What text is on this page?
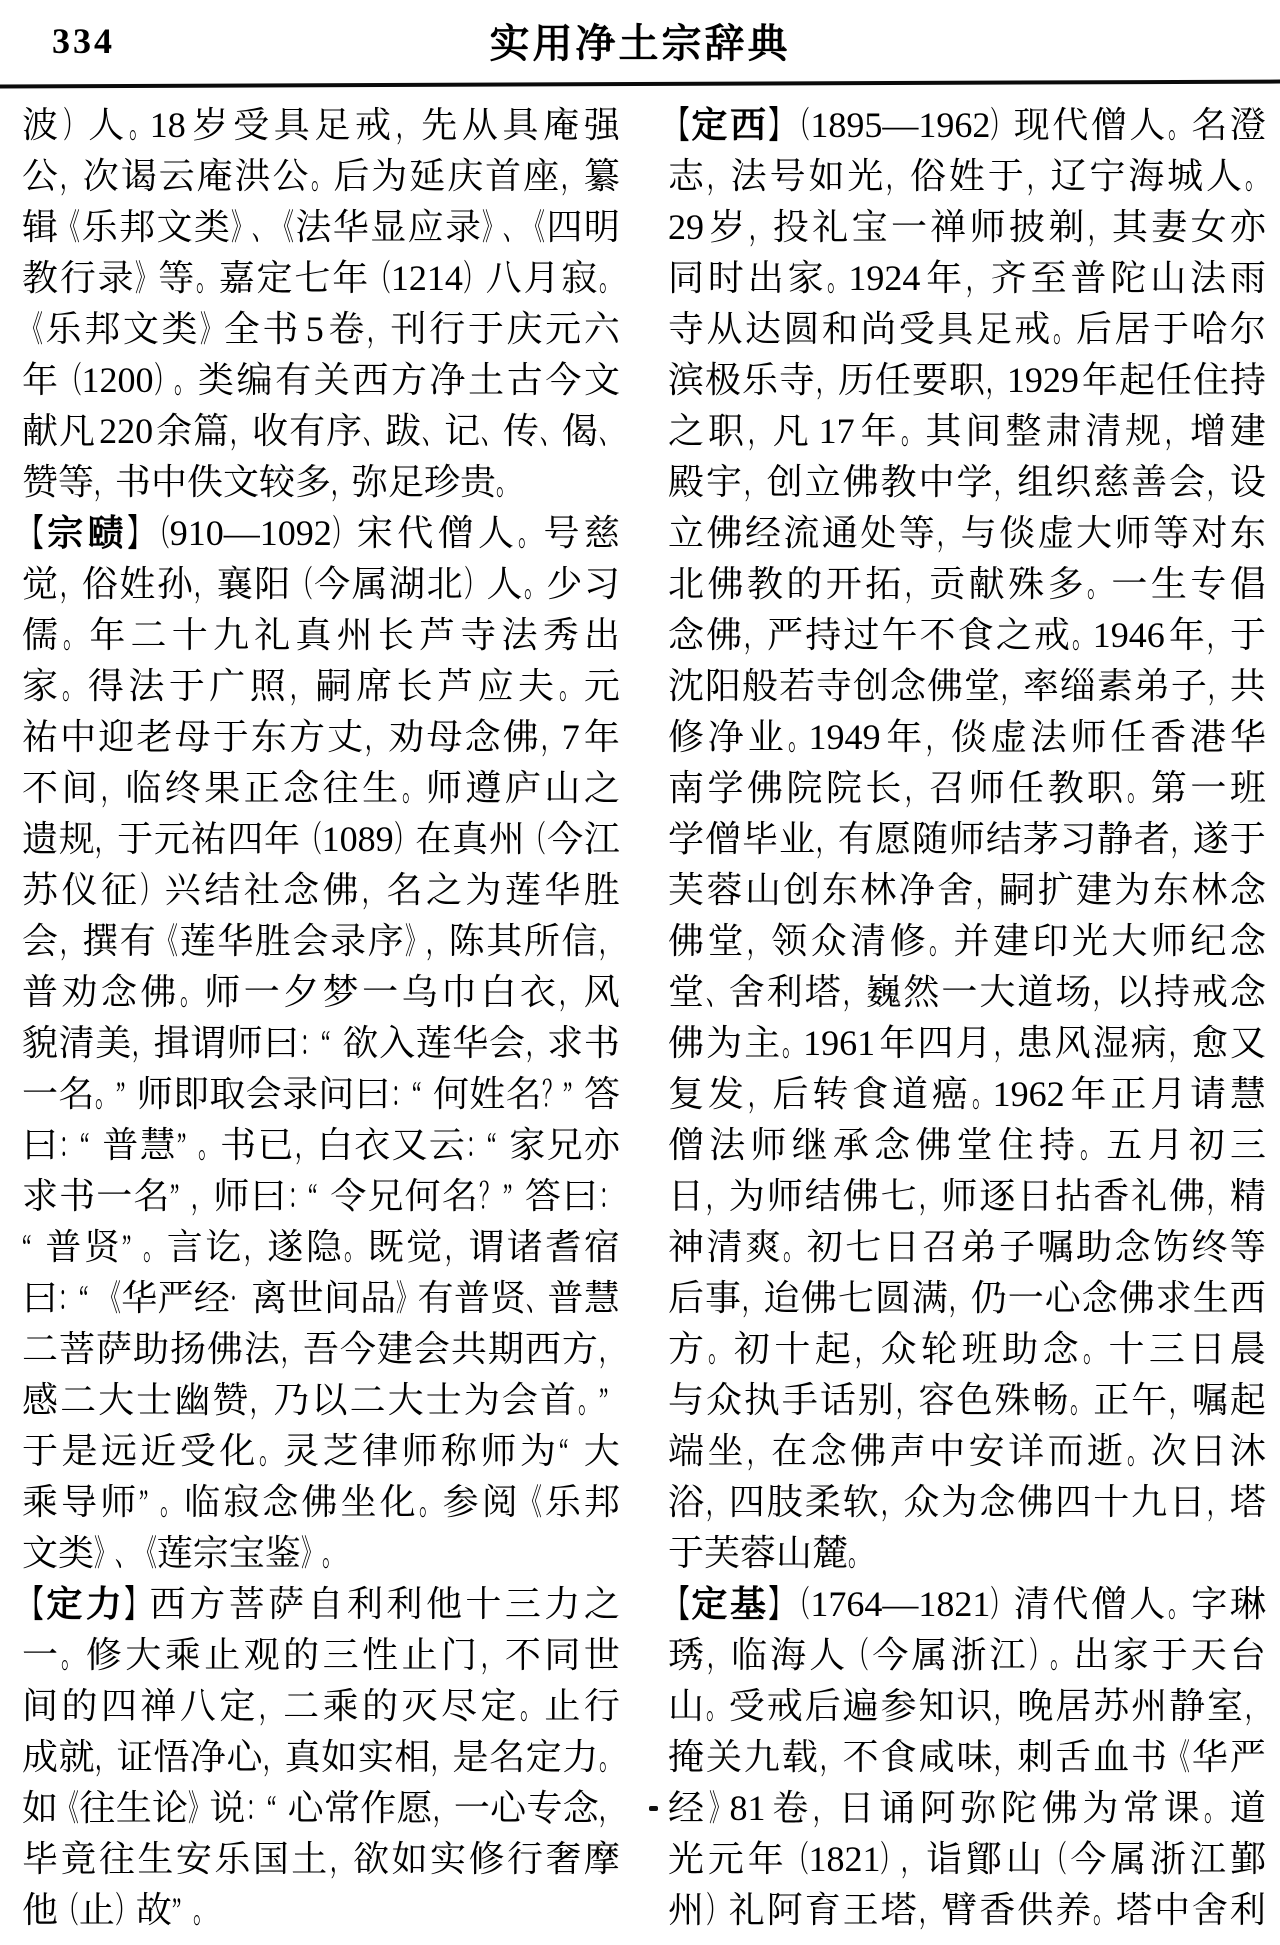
334	实用净土宗辞典
波）人。18 岁受具足戒，先从具庵强
公，次谒云庵洪公。后为延庆首座，纂
辑《乐邦文类》、《法华显应录》、《四明
教行录》等。嘉定七年（1214）八月寂。
《乐邦文类》全书 5 卷，刊行于庆元六
年（1200）。类编有关西方净土古今文
献凡 220 余篇，收有序、跋、记、传、偈、
赞等，书中佚文较多，弥足珍贵。
【宗赜】（910—1092）宋代僧人。号慈
觉，俗姓孙，襄阳（今属湖北）人。少习
儒。年二十九礼真州长芦寺法秀出
家。得法于广照，嗣席长芦应夫。元
祐中迎老母于东方丈，劝母念佛，7 年
不间，临终果正念往生。师遵庐山之
遗规，于元祐四年（1089）在真州（今江
苏仪征）兴结社念佛，名之为莲华胜
会，撰有《莲华胜会录序》，陈其所信，
普劝念佛。师一夕梦一乌巾白衣，风
貌清美，揖谓师曰：“ 欲入莲华会，求书
一名。” 师即取会录问曰：“ 何姓名？” 答
曰：“ 普慧” 。书已，白衣又云：“ 家兄亦
求书一名” ，师曰：“ 令兄何名？ ” 答曰：
“ 普贤” 。言讫，遂隐。既觉，谓诸耆宿
曰：“ 《华严经· 离世间品》有普贤、普慧
二菩萨助扬佛法，吾今建会共期西方，
感二大士幽赞，乃以二大士为会首。”
于是远近受化。灵芝律师称师为“ 大
乘导师” 。临寂念佛坐化。参阅《乐邦
文类》、《莲宗宝鉴》。
【定力】西方菩萨自利利他十三力之
一。修大乘止观的三性止门，不同世
间的四禅八定，二乘的灭尽定。止行
成就，证悟净心，真如实相，是名定力。
如《往生论》说：“ 心常作愿，一心专念，
毕竟往生安乐国土，欲如实修行奢摩
他（止）故” 。
【定西】（1895—1962）现代僧人。名澄
志，法号如光，俗姓于，辽宁海城人。
29 岁，投礼宝一禅师披剃，其妻女亦
同时出家。1924 年，齐至普陀山法雨
寺从达圆和尚受具足戒。后居于哈尔
滨极乐寺，历任要职，1929 年起任住持
之职，凡 17 年。其间整肃清规，增建
殿宇，创立佛教中学，组织慈善会，设
立佛经流通处等，与倓虚大师等对东
北佛教的开拓，贡献殊多。一生专倡
念佛，严持过午不食之戒。1946 年，于
沈阳般若寺创念佛堂，率缁素弟子，共
修净业。1949 年，倓虚法师任香港华
南学佛院院长，召师任教职。第一班
学僧毕业，有愿随师结茅习静者，遂于
芙蓉山创东林净舍，嗣扩建为东林念
佛堂，领众清修。并建印光大师纪念
堂、舍利塔，巍然一大道场，以持戒念
佛为主。1961 年四月，患风湿病，愈又
复发，后转食道癌。1962 年正月请慧
僧法师继承念佛堂住持。五月初三
日，为师结佛七，师逐日拈香礼佛，精
神清爽。初七日召弟子嘱助念饬终等
后事，迨佛七圆满，仍一心念佛求生西
方。初十起，众轮班助念。十三日晨
与众执手话别，容色殊畅。正午，嘱起
端坐，在念佛声中安详而逝。次日沐
浴，四肢柔软，众为念佛四十九日，塔
于芙蓉山麓。
【定基】（1764—1821）清代僧人。字琳
琇，临海人（今属浙江）。出家于天台
山。受戒后遍参知识，晚居苏州静室，
掩关九载，不食咸味，刺舌血书《华严
经》81 卷，日诵阿弥陀佛为常课。道
光元年（1821），诣鄮山（今属浙江鄞
州）礼阿育王塔，臂香供养。塔中舍利
